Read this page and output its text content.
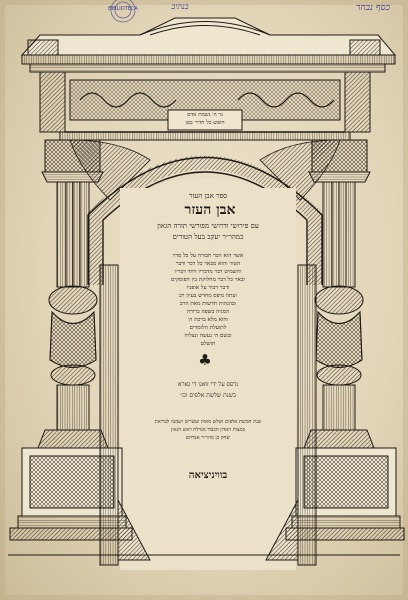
BIBLIOTECA	כסף נבחר
בנתיב
נר ה׳ נשמת אדם
חופש כל חדרי בטן
ספר אבן העזר
אבן העזר
עם פירושי ודרושי מפורשי תורה הגאון
כמהר״ר יעקב בעל הטורים
אשר הוא חבר חבורה על כל סדר
הטור והוא מבאר כל דבר ודבר
והשמיט דבר מדבריו ויחד דבריו
ובאר כל דבר מחלוקת בין הפוסקים
ודבר דבור על אופניו
ועתה נדפס מחדש בעיון רב
ובהגהות חדשות מאת הרב
המגיה בשפה ברורה
והוא מלא ברכת ה׳
לתועלת הלומדים
ובשם ה׳ נעשה ונצליח
תושלם
♣
נדפס על ידי זואנו די גארא
בשנת שלשת אלפים וכו׳
שנת חמשת אלפים ושלש מאות ועשרים ושמנה לבריאת
במצות האדון הכבוד מגדלת ראש הגאון
יצחק בן מהר״ר אברהם
בוויניציאה
